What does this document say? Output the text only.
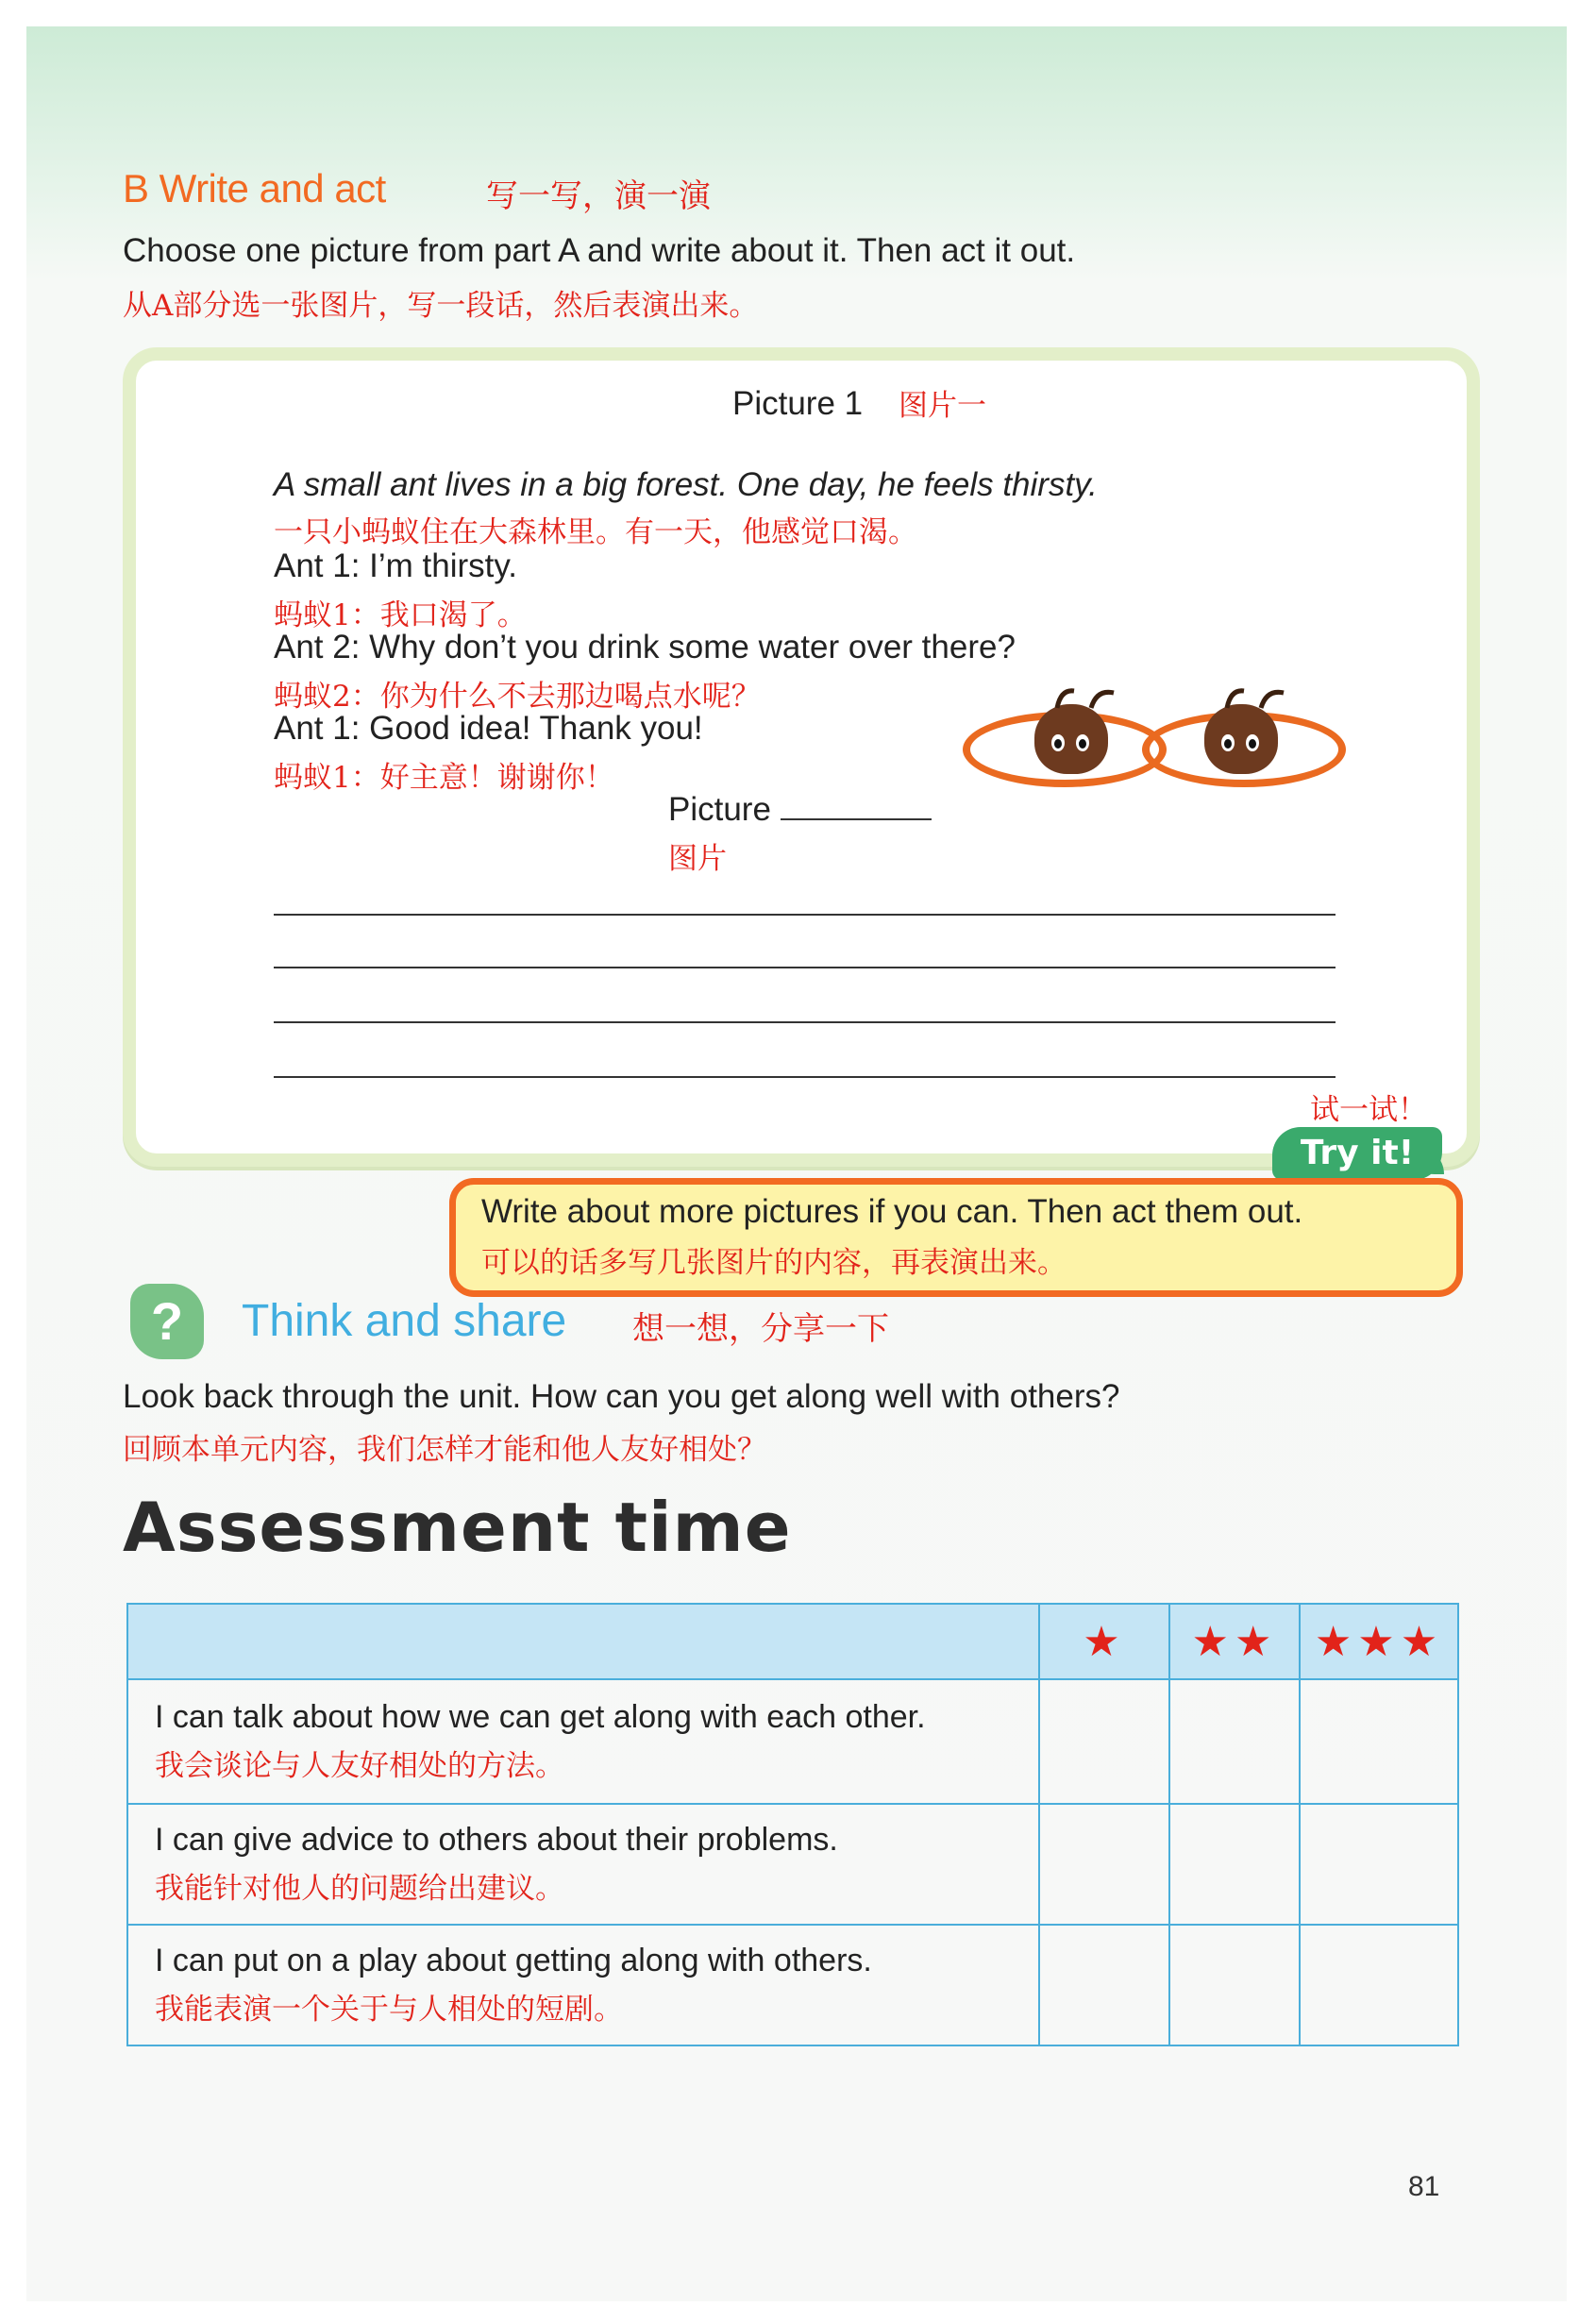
B Write and act	写一写，演一演
Choose one picture from part A and write about it. Then act it out.
从A部分选一张图片，写一段话，然后表演出来。
Picture 1 图片一
A small ant lives in a big forest. One day, he feels thirsty.
一只小蚂蚁住在大森林里。有一天，他感觉口渴。
Ant 1: I’m thirsty.
蚂蚁1：我口渴了。
Ant 2: Why don’t you drink some water over there?
蚂蚁2：你为什么不去那边喝点水呢？
Ant 1: Good idea! Thank you!
蚂蚁1：好主意！谢谢你！
Picture
图片
试一试！
Try it!
Write about more pictures if you can. Then act them out.
可以的话多写几张图片的内容，再表演出来。
?	Think and share 想一想，分享一下
Look back through the unit. How can you get along well with others?
回顾本单元内容，我们怎样才能和他人友好相处？
Assessment time
	★	★★	★★★

I can talk about how we can get along with each other.
我会谈论与人友好相处的方法。			

I can give advice to others about their problems.
我能针对他人的问题给出建议。			

I can put on a play about getting along with others.
我能表演一个关于与人相处的短剧。			

81
